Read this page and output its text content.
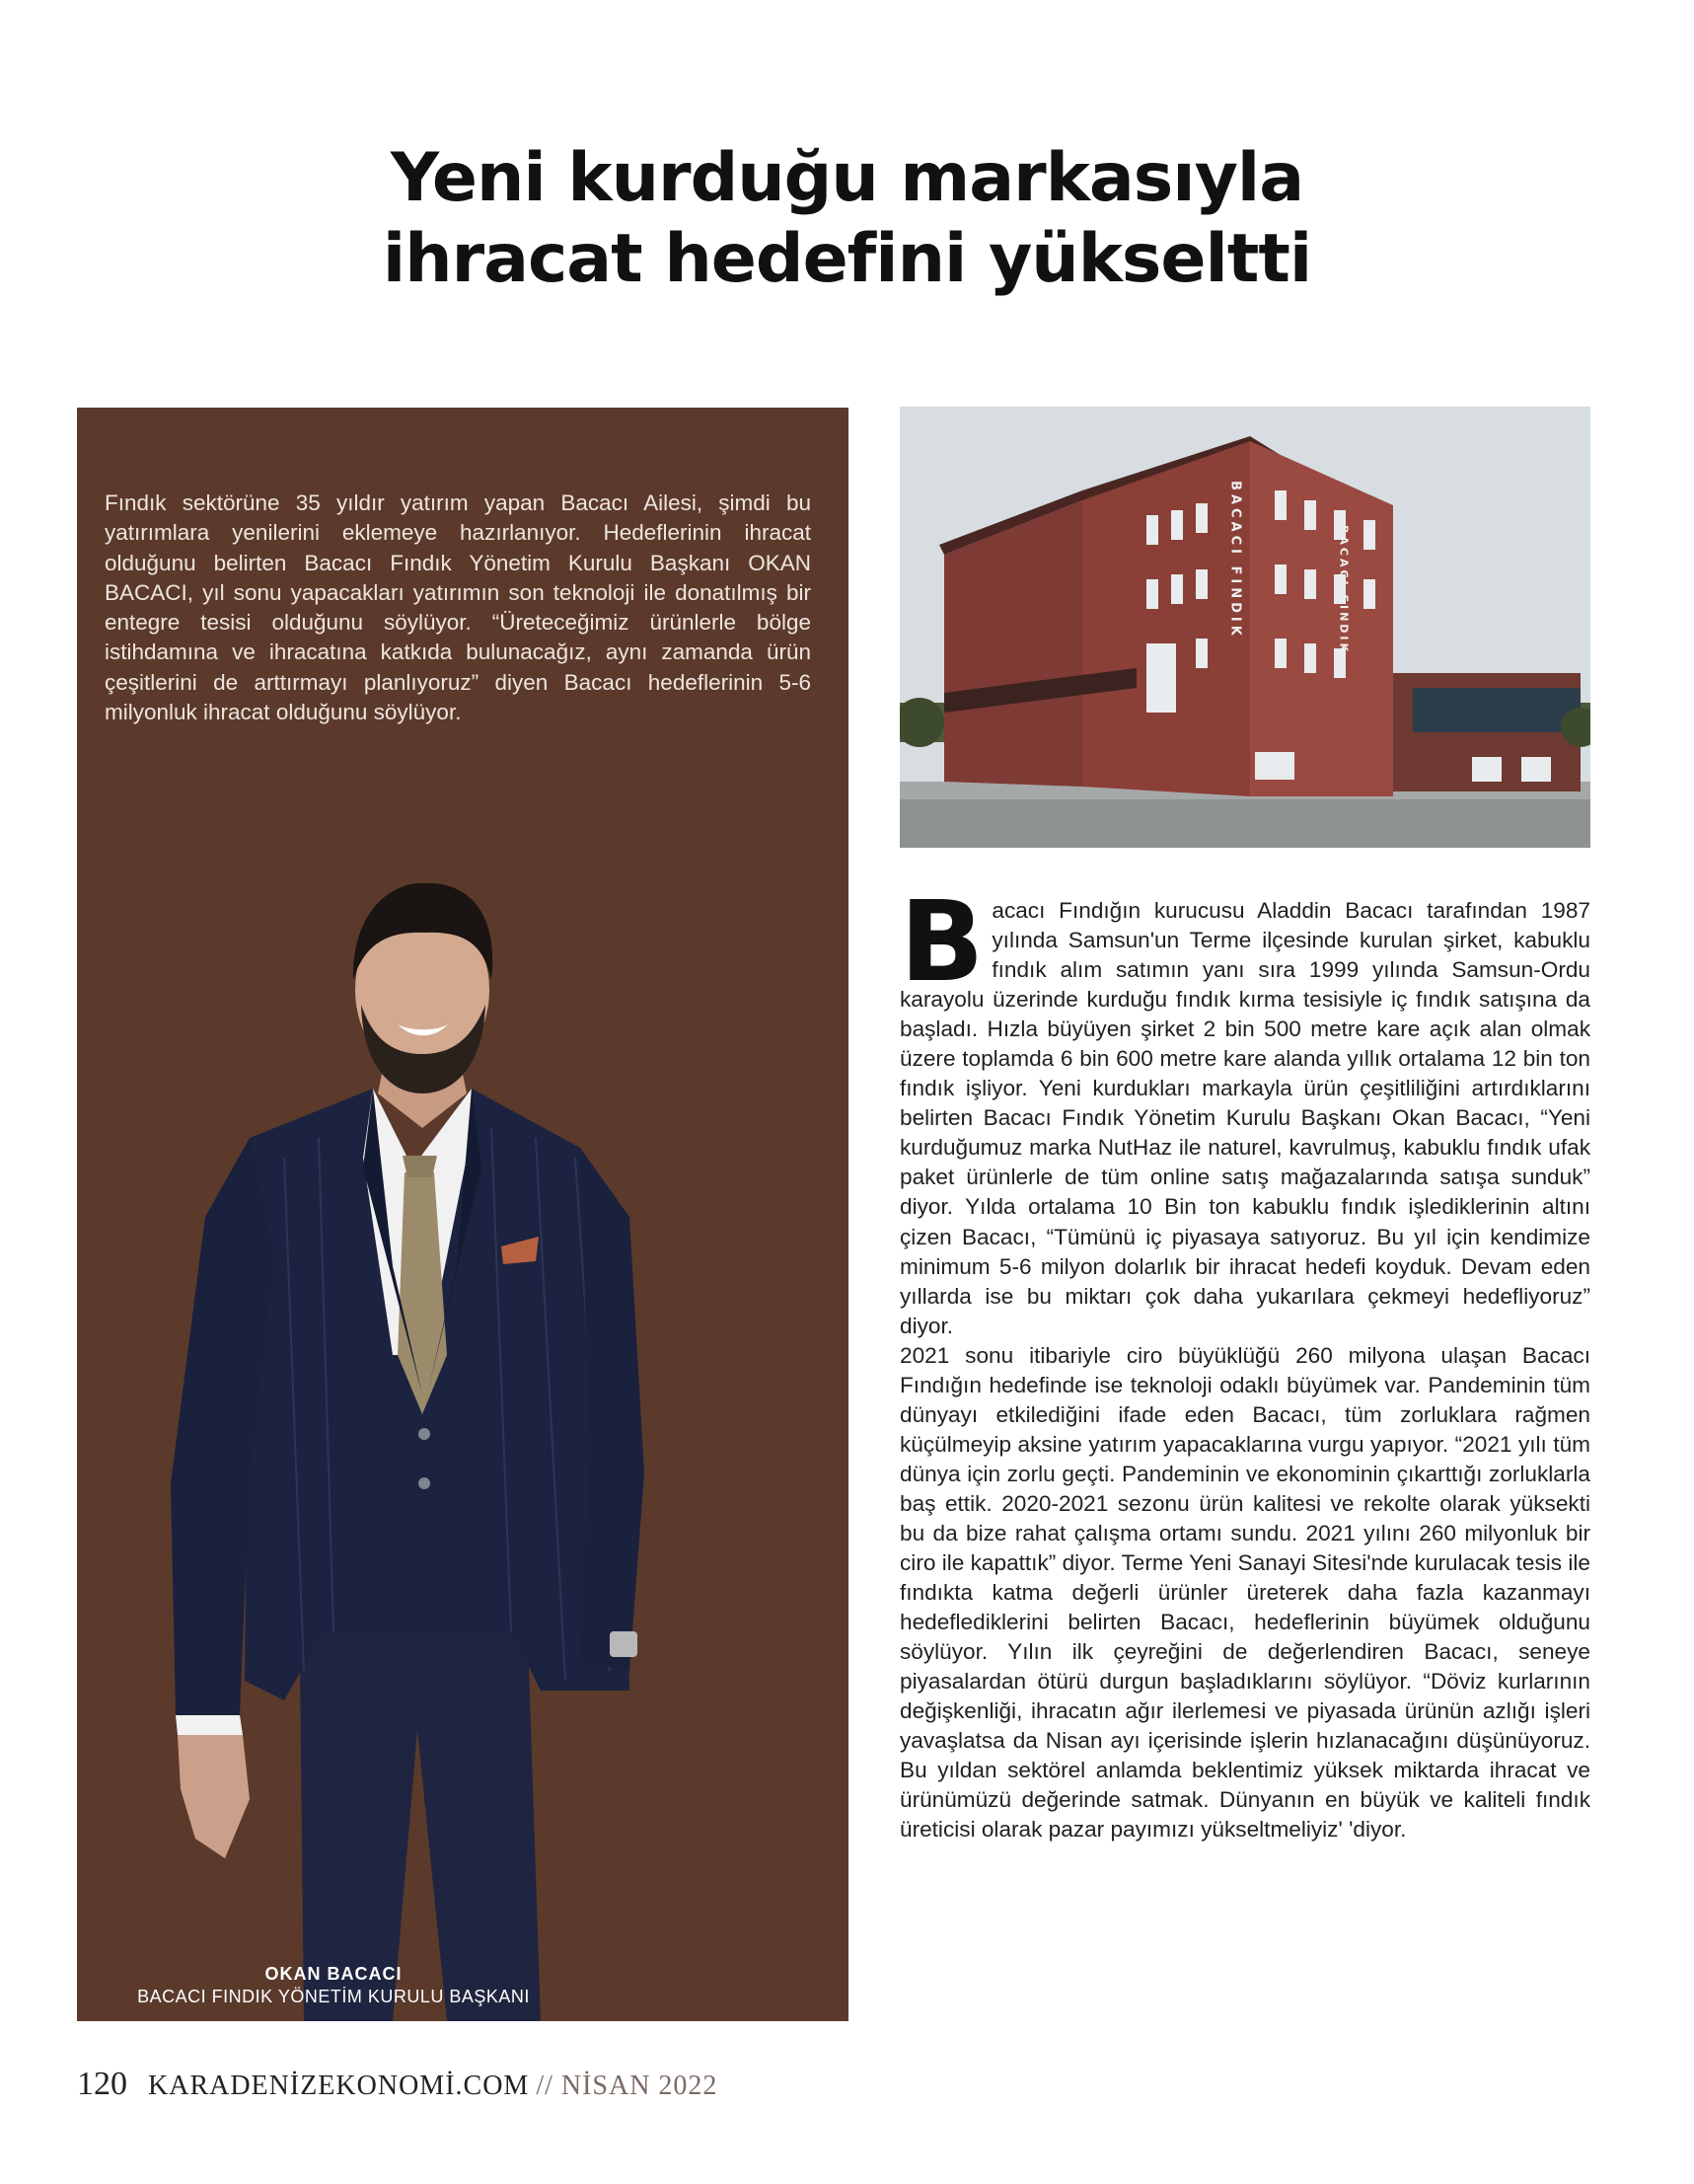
Yeni kurduğu markasıyla
ihracat hedefini yükseltti

Fındık sektörüne 35 yıldır yatırım yapan Bacacı Ailesi, şimdi bu yatırımlara yenilerini eklemeye hazırlanıyor. Hedeflerinin ihracat olduğunu belirten Bacacı Fındık Yönetim Kurulu Başkanı OKAN BACACI, yıl sonu yapacakları yatırımın son teknoloji ile donatılmış bir entegre tesisi olduğunu söylüyor. “Üreteceğimiz ürünlerle bölge istihdamına ve ihracatına katkıda bulunacağız, aynı zamanda ürün çeşitlerini de arttırmayı planlıyoruz” diyen Bacacı hedeflerinin 5-6 milyonluk ihracat olduğunu söylüyor.

OKAN BACACI
BACACI FINDIK YÖNETİM KURULU BAŞKANI
BACACI FINDIK	BACACI FINDIK

Bacacı Fındığın kurucusu Aladdin Bacacı tarafından 1987 yılında Samsun'un Terme ilçesinde kurulan şirket, kabuklu fındık alım satımın yanı sıra 1999 yılında Samsun-Ordu karayolu üzerinde kurduğu fındık kırma tesisiyle iç fındık satışına da başladı. Hızla büyüyen şirket 2 bin 500 metre kare açık alan olmak üzere toplamda 6 bin 600 metre kare alanda yıllık ortalama 12 bin ton fındık işliyor. Yeni kurdukları markayla ürün çeşitliliğini artırdıklarını belirten Bacacı Fındık Yönetim Kurulu Başkanı Okan Bacacı, “Yeni kurduğumuz marka NutHaz ile naturel, kavrulmuş, kabuklu fındık ufak paket ürünlerle de tüm online satış mağazalarında satışa sunduk” diyor. Yılda ortalama 10 Bin ton kabuklu fındık işlediklerinin altını çizen Bacacı, “Tümünü iç piyasaya satıyoruz. Bu yıl için kendimize minimum 5-6 milyon dolarlık bir ihracat hedefi koyduk. Devam eden yıllarda ise bu miktarı çok daha yukarılara çekmeyi hedefliyoruz” diyor.

2021 sonu itibariyle ciro büyüklüğü 260 milyona ulaşan Bacacı Fındığın hedefinde ise teknoloji odaklı büyümek var. Pandeminin tüm dünyayı etkilediğini ifade eden Bacacı, tüm zorluklara rağmen küçülmeyip aksine yatırım yapacaklarına vurgu yapıyor. “2021 yılı tüm dünya için zorlu geçti. Pandeminin ve ekonominin çıkarttığı zorluklarla baş ettik. 2020-2021 sezonu ürün kalitesi ve rekolte olarak yüksekti bu da bize rahat çalışma ortamı sundu. 2021 yılını 260 milyonluk bir ciro ile kapattık” diyor. Terme Yeni Sanayi Sitesi'nde kurulacak tesis ile fındıkta katma değerli ürünler üreterek daha fazla kazanmayı hedeflediklerini belirten Bacacı, hedeflerinin büyümek olduğunu söylüyor. Yılın ilk çeyreğini de değerlendiren Bacacı, seneye piyasalardan ötürü durgun başladıklarını söylüyor. “Döviz kurlarının değişkenliği, ihracatın ağır ilerlemesi ve piyasada ürünün azlığı işleri yavaşlatsa da Nisan ayı içerisinde işlerin hızlanacağını düşünüyoruz. Bu yıldan sektörel anlamda beklentimiz yüksek miktarda ihracat ve ürünümüzü değerinde satmak. Dünyanın en büyük ve kaliteli fındık üreticisi olarak pazar payımızı yükseltmeliyiz' 'diyor.

120 KARADENİZEKONOMİ.COM // NİSAN 2022
